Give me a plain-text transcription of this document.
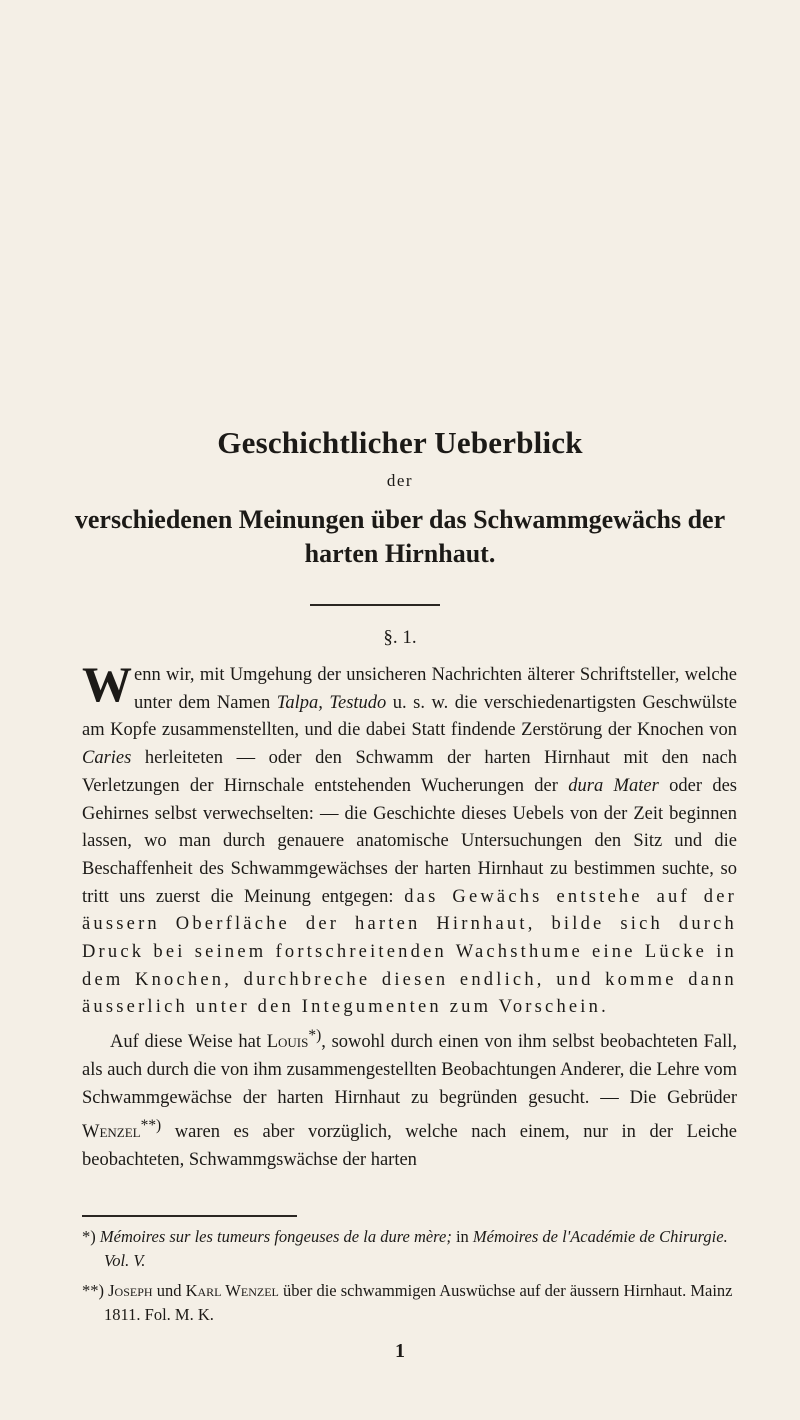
Geschichtlicher Ueberblick
der
verschiedenen Meinungen über das Schwammgewächs der
harten Hirnhaut.
§. 1.

Wenn wir, mit Umgehung der unsicheren Nachrichten älterer Schriftsteller, welche unter dem Namen Talpa, Testudo u. s. w. die verschiedenartigsten Geschwülste am Kopfe zusammenstellten, und die dabei Statt findende Zerstörung der Knochen von Caries herleiteten — oder den Schwamm der harten Hirnhaut mit den nach Verletzungen der Hirnschale entstehenden Wucherungen der dura Mater oder des Gehirnes selbst verwechselten: — die Geschichte dieses Uebels von der Zeit beginnen lassen, wo man durch genauere anatomische Untersuchungen den Sitz und die Beschaffenheit des Schwammgewächses der harten Hirnhaut zu bestimmen suchte, so tritt uns zuerst die Meinung entgegen: das Gewächs entstehe auf der äussern Oberfläche der harten Hirnhaut, bilde sich durch Druck bei seinem fortschreitenden Wachsthume eine Lücke in dem Knochen, durchbreche diesen endlich, und komme dann äusserlich unter den Integumenten zum Vorschein.

Auf diese Weise hat Louis*), sowohl durch einen von ihm selbst beobachteten Fall, als auch durch die von ihm zusammengestellten Beobachtungen Anderer, die Lehre vom Schwammgewächse der harten Hirnhaut zu begründen gesucht. — Die Gebrüder Wenzel**) waren es aber vorzüglich, welche nach einem, nur in der Leiche beobachteten, Schwammgswächse der harten

*) Mémoires sur les tumeurs fongeuses de la dure mère; in Mémoires de l'Académie de Chirurgie. Vol. V.

**) Joseph und Karl Wenzel über die schwammigen Auswüchse auf der äussern Hirnhaut. Mainz 1811. Fol. M. K.

1
